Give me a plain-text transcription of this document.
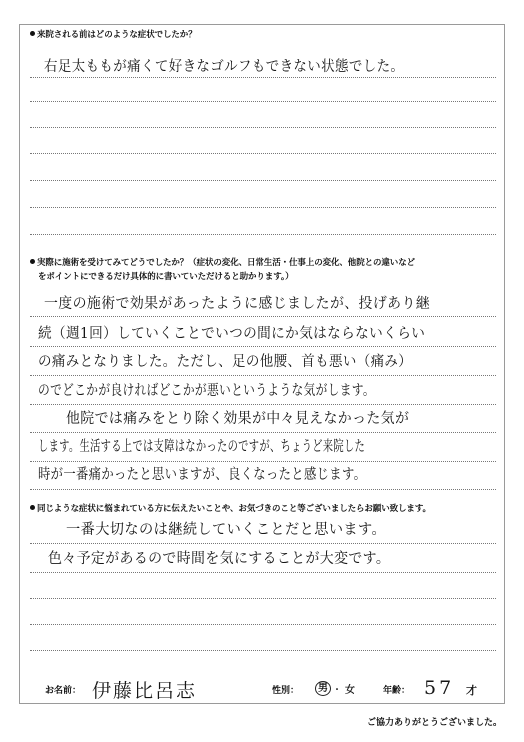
来院される前はどのような症状でしたか？
右足太ももが痛くて好きなゴルフもできない状態でした。
実際に施術を受けてみてどうでしたか？（症状の変化、日常生活・仕事上の変化、他院との違いなど
をポイントにできるだけ具体的に書いていただけると助かります。）
一度の施術で効果があったように感じましたが、投げあり継
続（週1回）していくことでいつの間にか気はならないくらい
の痛みとなりました。ただし、足の他腰、首も悪い（痛み）
のでどこかが良ければどこかが悪いというような気がします。
他院では痛みをとり除く効果が中々見えなかった気が
します。生活する上では支障はなかったのですが、ちょうど来院した
時が一番痛かったと思いますが、良くなったと感じます。
同じような症状に悩まれている方に伝えたいことや、お気づきのこと等ございましたらお願い致します。
一番大切なのは継続していくことだと思います。
色々予定があるので時間を気にすることが大変です。
お名前： 伊藤比呂志	性別：	男 ・ 女	年齢： 57 才
ご協力ありがとうございました。
